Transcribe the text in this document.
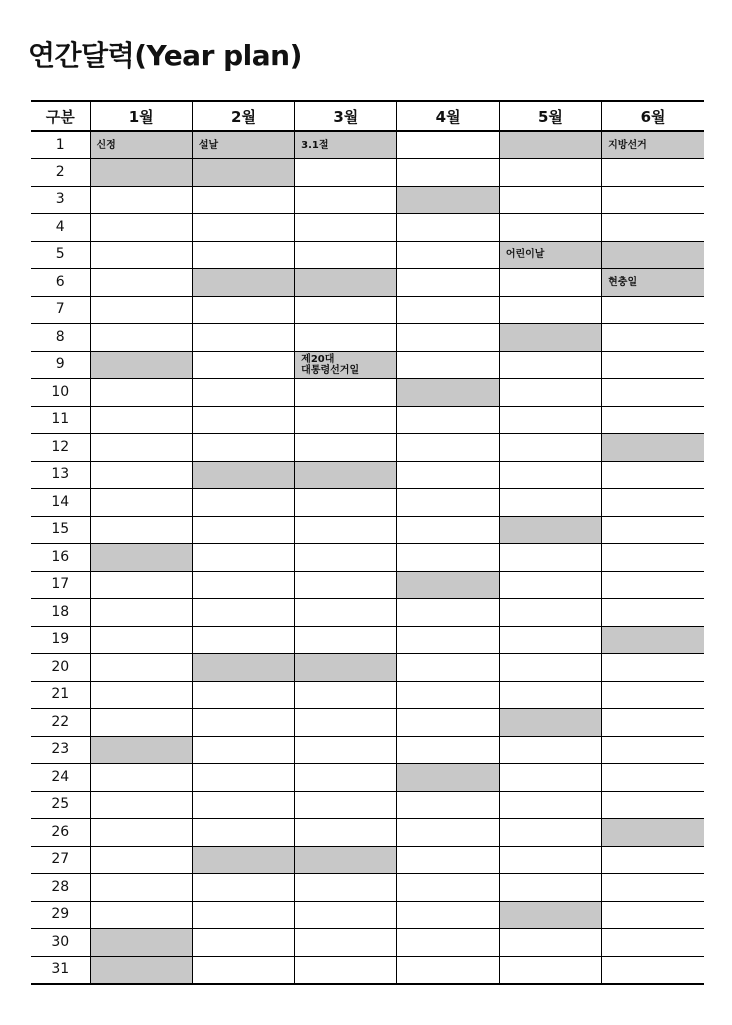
연간달력(Year plan)
구분	1월	2월	3월	4월	5월	6월
1	신정	설날	3.1절			지방선거

2						
3						
4						
5					어린이날	

6						현충일

7						
8						
9			제20대 대통령선거일			

10						
11						
12						
13						
14						
15						
16						
17						
18						
19						
20						
21						
22						
23						
24						
25						
26						
27						
28						
29						
30						
31						
